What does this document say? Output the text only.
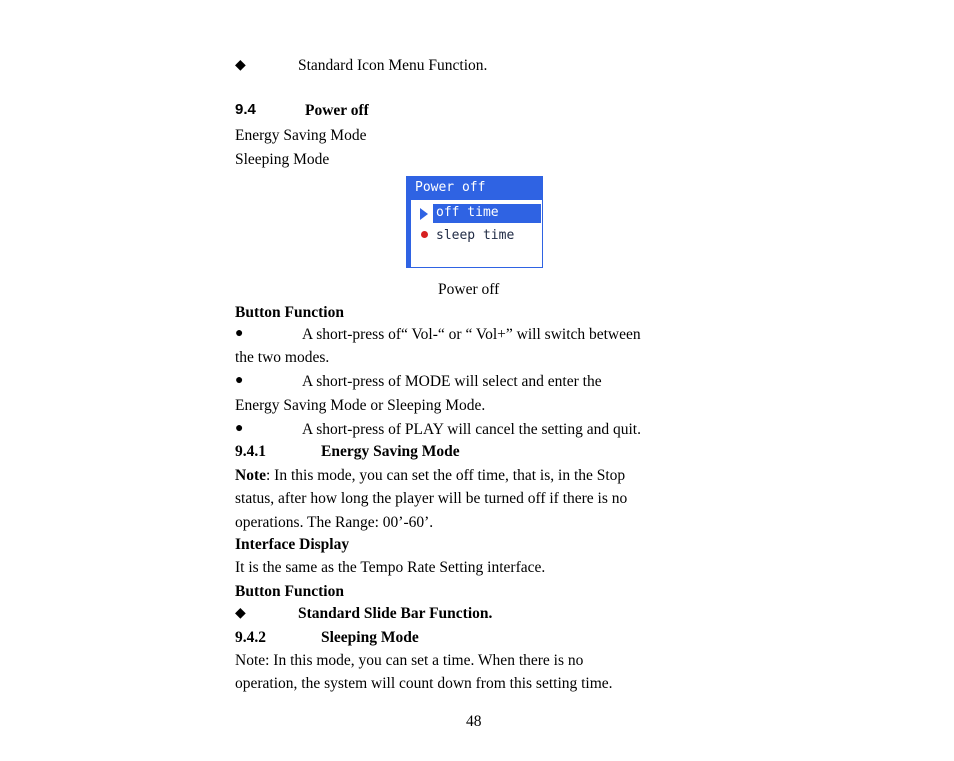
◆	Standard Icon Menu Function.
9.4	Power off
Energy Saving Mode
Sleeping Mode
Power off
off time
sleep time
Power off
Button Function
●	A short-press of“ Vol-“ or “ Vol+” will switch between
the two modes.
●	A short-press of MODE will select and enter the
Energy Saving Mode or Sleeping Mode.
●	A short-press of PLAY will cancel the setting and quit.
9.4.1	Energy Saving Mode
Note: In this mode, you can set the off time, that is, in the Stop
status, after how long the player will be turned off if there is no
operations. The Range: 00’-60’.
Interface Display
It is the same as the Tempo Rate Setting interface.
Button Function
◆	Standard Slide Bar Function.
9.4.2	Sleeping Mode
Note: In this mode, you can set a time. When there is no
operation, the system will count down from this setting time.
48
